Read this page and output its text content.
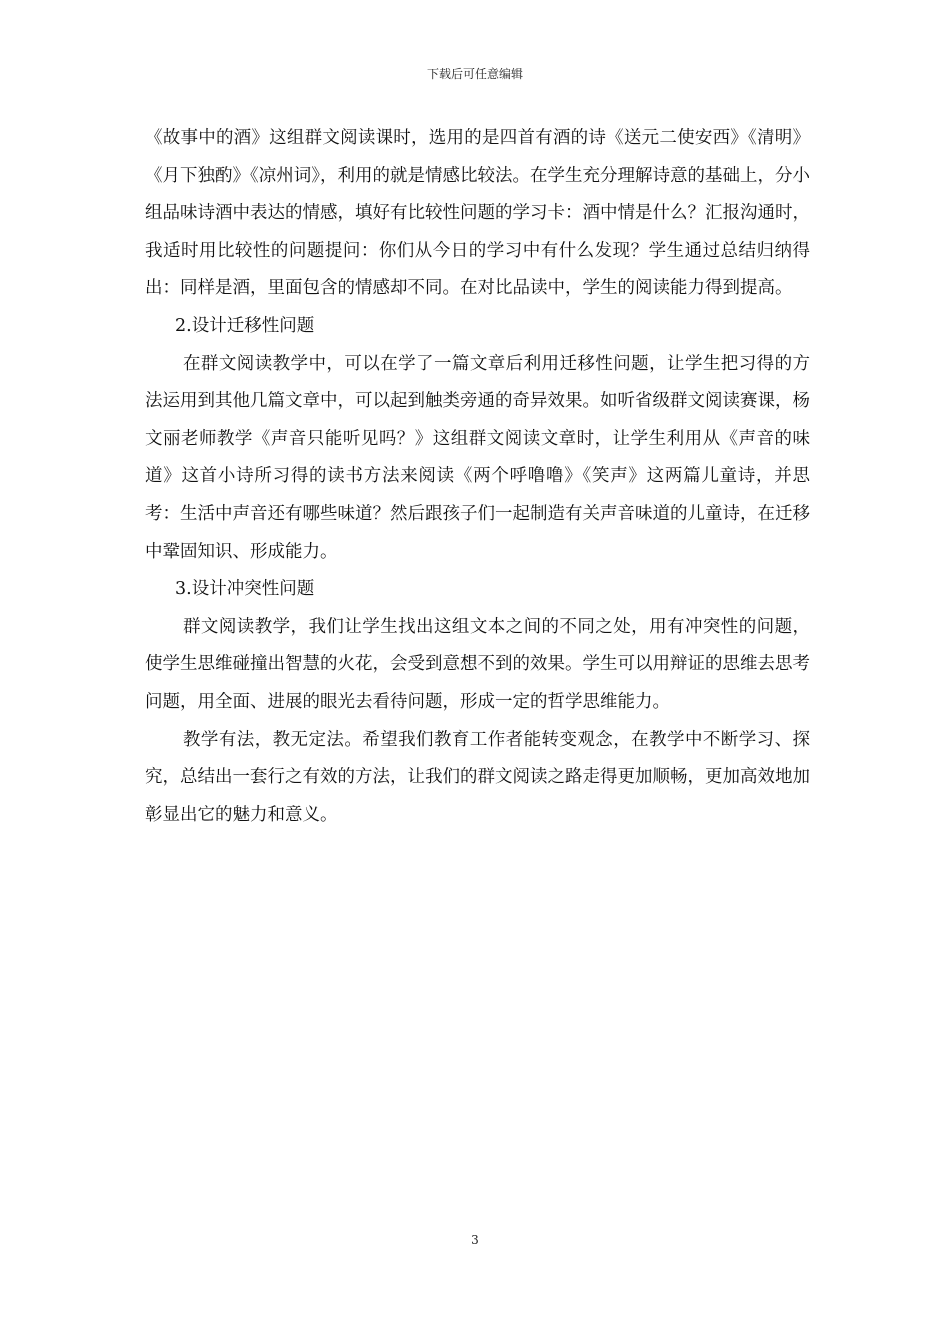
下载后可任意编辑

《故事中的酒》这组群文阅读课时，选用的是四首有酒的诗《送元二使安西》《清明》《月下独酌》《凉州词》，利用的就是情感比较法。在学生充分理解诗意的基础上，分小组品味诗酒中表达的情感，填好有比较性问题的学习卡：酒中情是什么？汇报沟通时，我适时用比较性的问题提问：你们从今日的学习中有什么发现？学生通过总结归纳得出：同样是酒，里面包含的情感却不同。在对比品读中，学生的阅读能力得到提高。

2.设计迁移性问题

在群文阅读教学中，可以在学了一篇文章后利用迁移性问题，让学生把习得的方法运用到其他几篇文章中，可以起到触类旁通的奇异效果。如听省级群文阅读赛课，杨文丽老师教学《声音只能听见吗？》这组群文阅读文章时，让学生利用从《声音的味道》这首小诗所习得的读书方法来阅读《两个呼噜噜》《笑声》这两篇儿童诗，并思考：生活中声音还有哪些味道？然后跟孩子们一起制造有关声音味道的儿童诗，在迁移中鞏固知识、形成能力。

3.设计冲突性问题

群文阅读教学，我们让学生找出这组文本之间的不同之处，用有冲突性的问题，使学生思维碰撞出智慧的火花，会受到意想不到的效果。学生可以用辩证的思维去思考问题，用全面、进展的眼光去看待问题，形成一定的哲学思维能力。

教学有法，教无定法。希望我们教育工作者能转变观念，在教学中不断学习、探究，总结出一套行之有效的方法，让我们的群文阅读之路走得更加顺畅，更加高效地加彰显出它的魅力和意义。

3
